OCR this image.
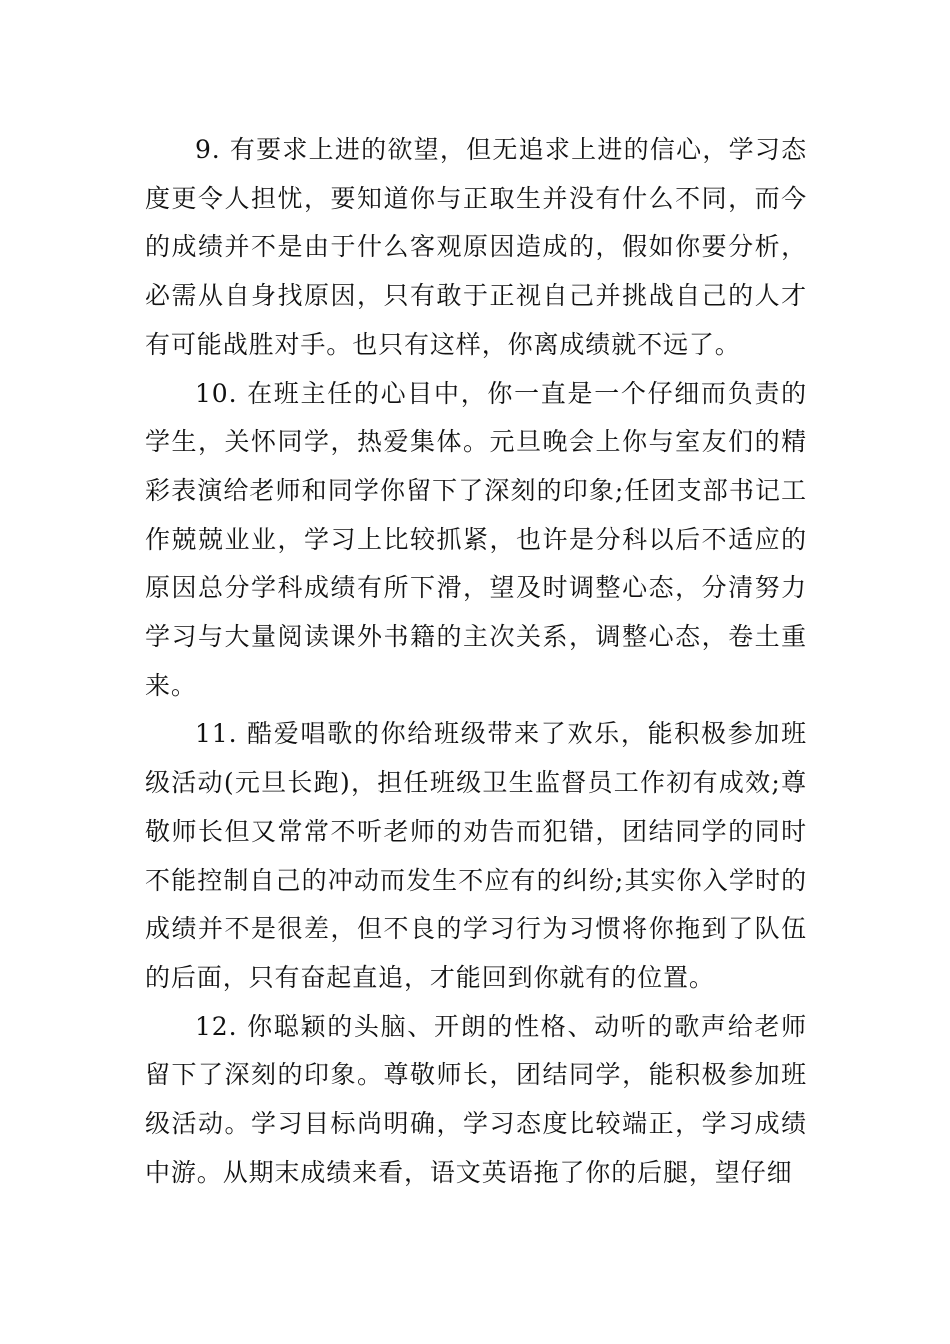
9. 有要求上进的欲望，但无追求上进的信心，学习态度更令人担忧，要知道你与正取生并没有什么不同，而今的成绩并不是由于什么客观原因造成的，假如你要分析，必需从自身找原因，只有敢于正视自己并挑战自己的人才有可能战胜对手。也只有这样，你离成绩就不远了。

10. 在班主任的心目中，你一直是一个仔细而负责的学生，关怀同学，热爱集体。元旦晚会上你与室友们的精彩表演给老师和同学你留下了深刻的印象;任团支部书记工作兢兢业业，学习上比较抓紧，也许是分科以后不适应的原因总分学科成绩有所下滑，望及时调整心态，分清努力学习与大量阅读课外书籍的主次关系，调整心态，卷土重来。

11. 酷爱唱歌的你给班级带来了欢乐，能积极参加班级活动(元旦长跑)，担任班级卫生监督员工作初有成效;尊敬师长但又常常不听老师的劝告而犯错，团结同学的同时不能控制自己的冲动而发生不应有的纠纷;其实你入学时的成绩并不是很差，但不良的学习行为习惯将你拖到了队伍的后面，只有奋起直追，才能回到你就有的位置。

12. 你聪颖的头脑、开朗的性格、动听的歌声给老师留下了深刻的印象。尊敬师长，团结同学，能积极参加班级活动。学习目标尚明确，学习态度比较端正，学习成绩中游。从期末成绩来看，语文英语拖了你的后腿，望仔细
